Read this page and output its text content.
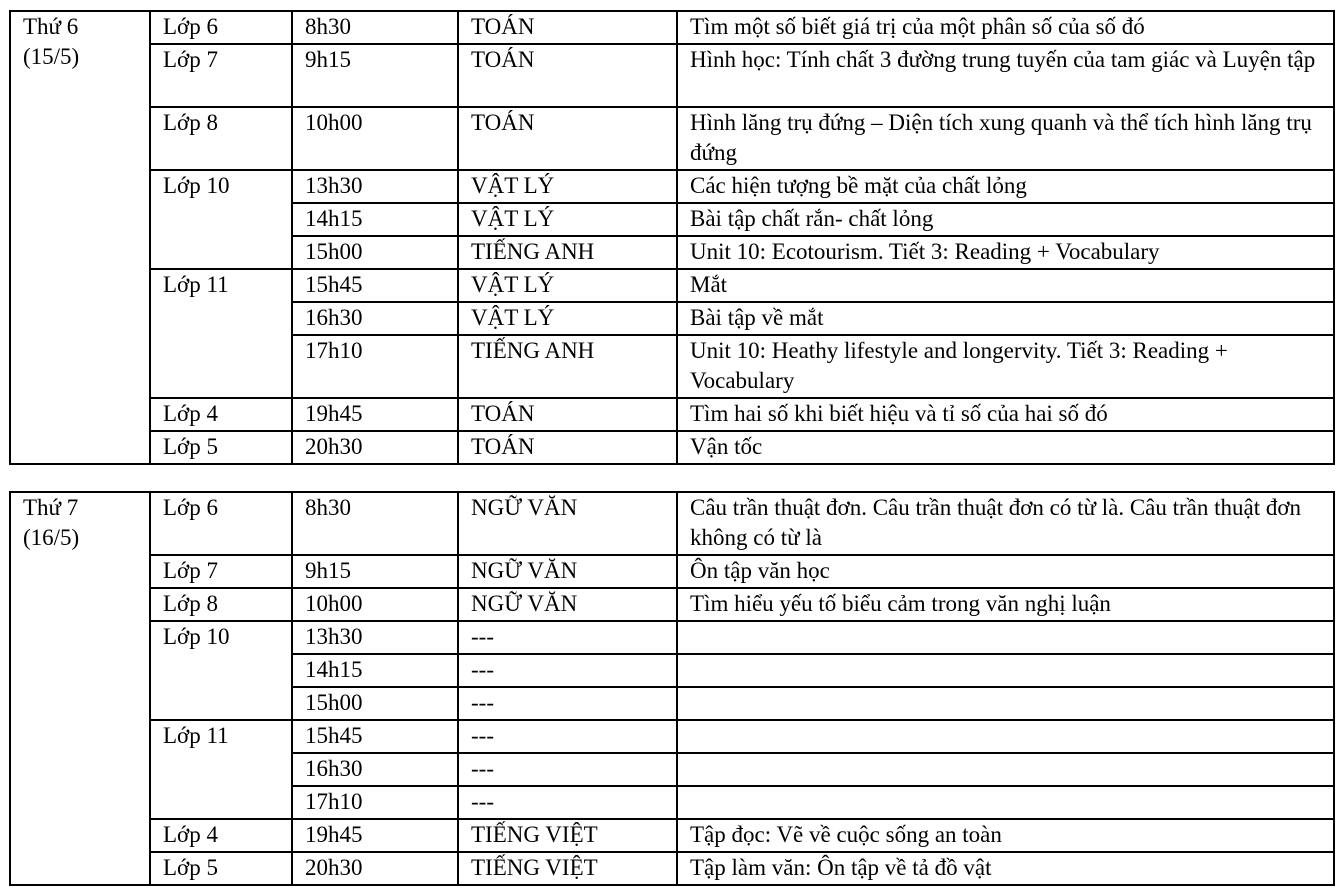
Thứ 6
(15/5)	Lớp 6	8h30	TOÁN	Tìm một số biết giá trị của một phân số của số đó
	Lớp 7	9h15	TOÁN	Hình học: Tính chất 3 đường trung tuyến của tam giác và Luyện tập
	Lớp 8	10h00	TOÁN	Hình lăng trụ đứng – Diện tích xung quanh và thể tích hình lăng trụ đứng
	Lớp 10	13h30	VẬT LÝ	Các hiện tượng bề mặt của chất lỏng
		14h15	VẬT LÝ	Bài tập chất rắn- chất lỏng
		15h00	TIẾNG ANH	Unit 10: Ecotourism. Tiết 3: Reading + Vocabulary
	Lớp 11	15h45	VẬT LÝ	Mắt
		16h30	VẬT LÝ	Bài tập về mắt
		17h10	TIẾNG ANH	Unit 10: Heathy lifestyle and longervity. Tiết 3: Reading + Vocabulary
	Lớp 4	19h45	TOÁN	Tìm hai số khi biết hiệu và tỉ số của hai số đó
	Lớp 5	20h30	TOÁN	Vận tốc
Thứ 7
(16/5)	Lớp 6	8h30	NGỮ VĂN	Câu trần thuật đơn. Câu trần thuật đơn có từ là. Câu trần thuật đơn không có từ là
	Lớp 7	9h15	NGỮ VĂN	Ôn tập văn học
	Lớp 8	10h00	NGỮ VĂN	Tìm hiểu yếu tố biểu cảm trong văn nghị luận
	Lớp 10	13h30	---	
		14h15	---	
		15h00	---	
	Lớp 11	15h45	---	
		16h30	---	
		17h10	---	
	Lớp 4	19h45	TIẾNG VIỆT	Tập đọc: Vẽ về cuộc sống an toàn
	Lớp 5	20h30	TIẾNG VIỆT	Tập làm văn: Ôn tập về tả đồ vật
